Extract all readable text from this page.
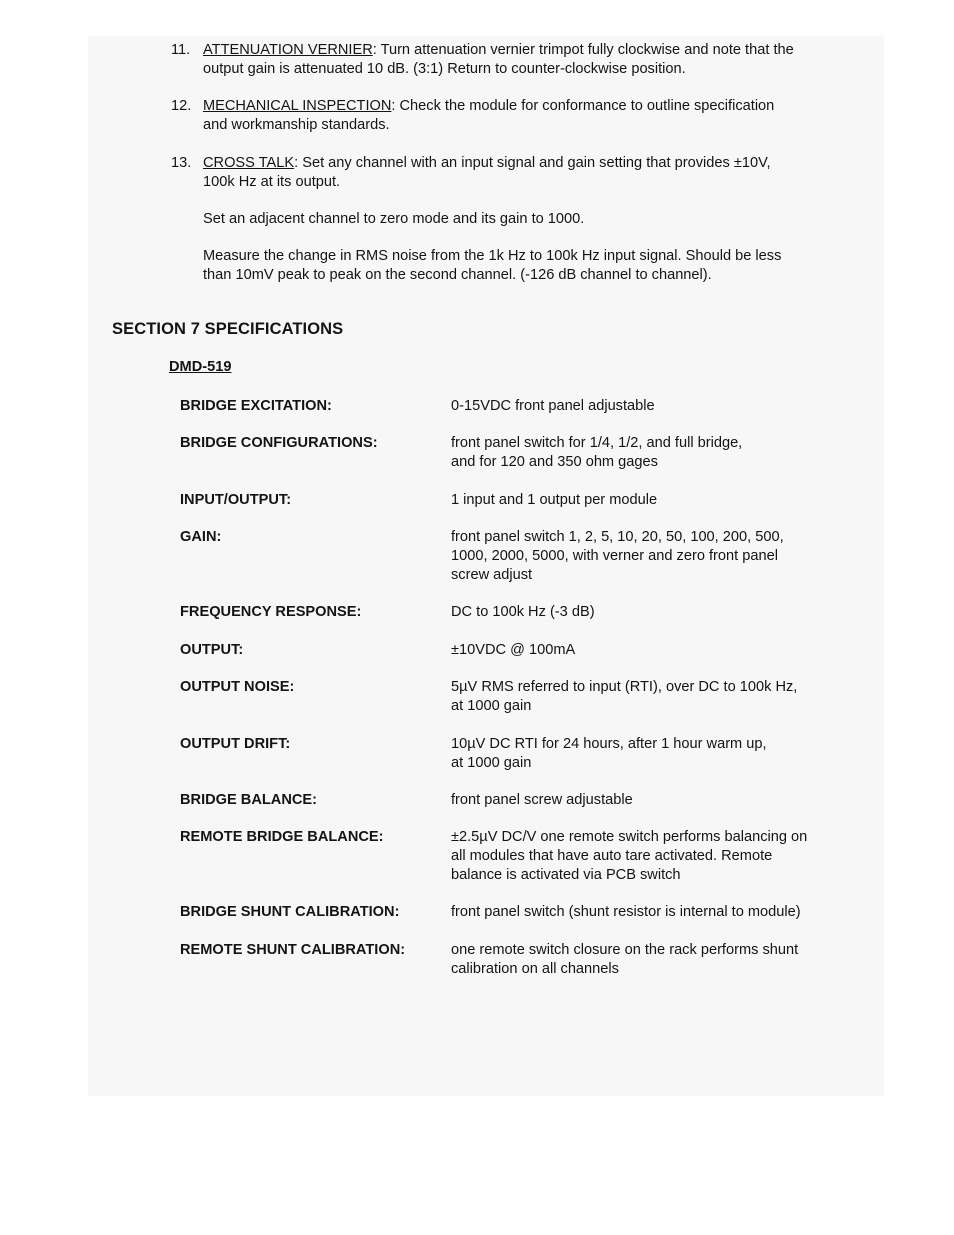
11. ATTENUATION VERNIER: Turn attenuation vernier trimpot fully clockwise and note that the
output gain is attenuated 10 dB. (3:1) Return to counter-clockwise position.
12. MECHANICAL INSPECTION: Check the module for conformance to outline specification
and workmanship standards.
13. CROSS TALK: Set any channel with an input signal and gain setting that provides ±10V,
100k Hz at its output.
Set an adjacent channel to zero mode and its gain to 1000.
Measure the change in RMS noise from the 1k Hz to 100k Hz input signal. Should be less
than 10mV peak to peak on the second channel. (-126 dB channel to channel).
SECTION 7 SPECIFICATIONS
DMD-519
BRIDGE EXCITATION:	0-15VDC front panel adjustable
BRIDGE CONFIGURATIONS:	front panel switch for 1/4, 1/2, and full bridge,
and for 120 and 350 ohm gages
INPUT/OUTPUT:	1 input and 1 output per module
GAIN:	front panel switch 1, 2, 5, 10, 20, 50, 100, 200, 500,
1000, 2000, 5000, with verner and zero front panel
screw adjust
FREQUENCY RESPONSE:	DC to 100k Hz (-3 dB)
OUTPUT:	±10VDC @ 100mA
OUTPUT NOISE:	5µV RMS referred to input (RTI), over DC to 100k Hz,
at 1000 gain
OUTPUT DRIFT:	10µV DC RTI for 24 hours, after 1 hour warm up,
at 1000 gain
BRIDGE BALANCE:	front panel screw adjustable
REMOTE BRIDGE BALANCE:	±2.5µV DC/V one remote switch performs balancing on
all modules that have auto tare activated. Remote
balance is activated via PCB switch
BRIDGE SHUNT CALIBRATION:	front panel switch (shunt resistor is internal to module)
REMOTE SHUNT CALIBRATION:	one remote switch closure on the rack performs shunt
calibration on all channels
